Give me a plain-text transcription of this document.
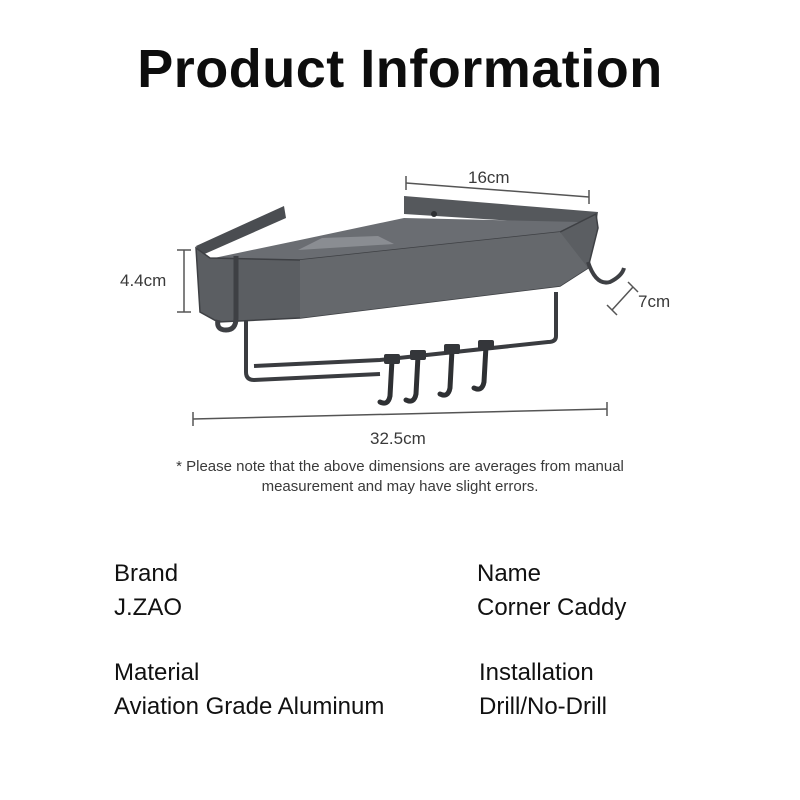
Product Information
16cm
4.4cm
7cm
32.5cm
* Please note that the above dimensions are averages from manual
measurement and may have slight errors.
Brand
J.ZAO
Name
Corner Caddy
Material
Aviation Grade Aluminum
Installation
Drill/No-Drill
